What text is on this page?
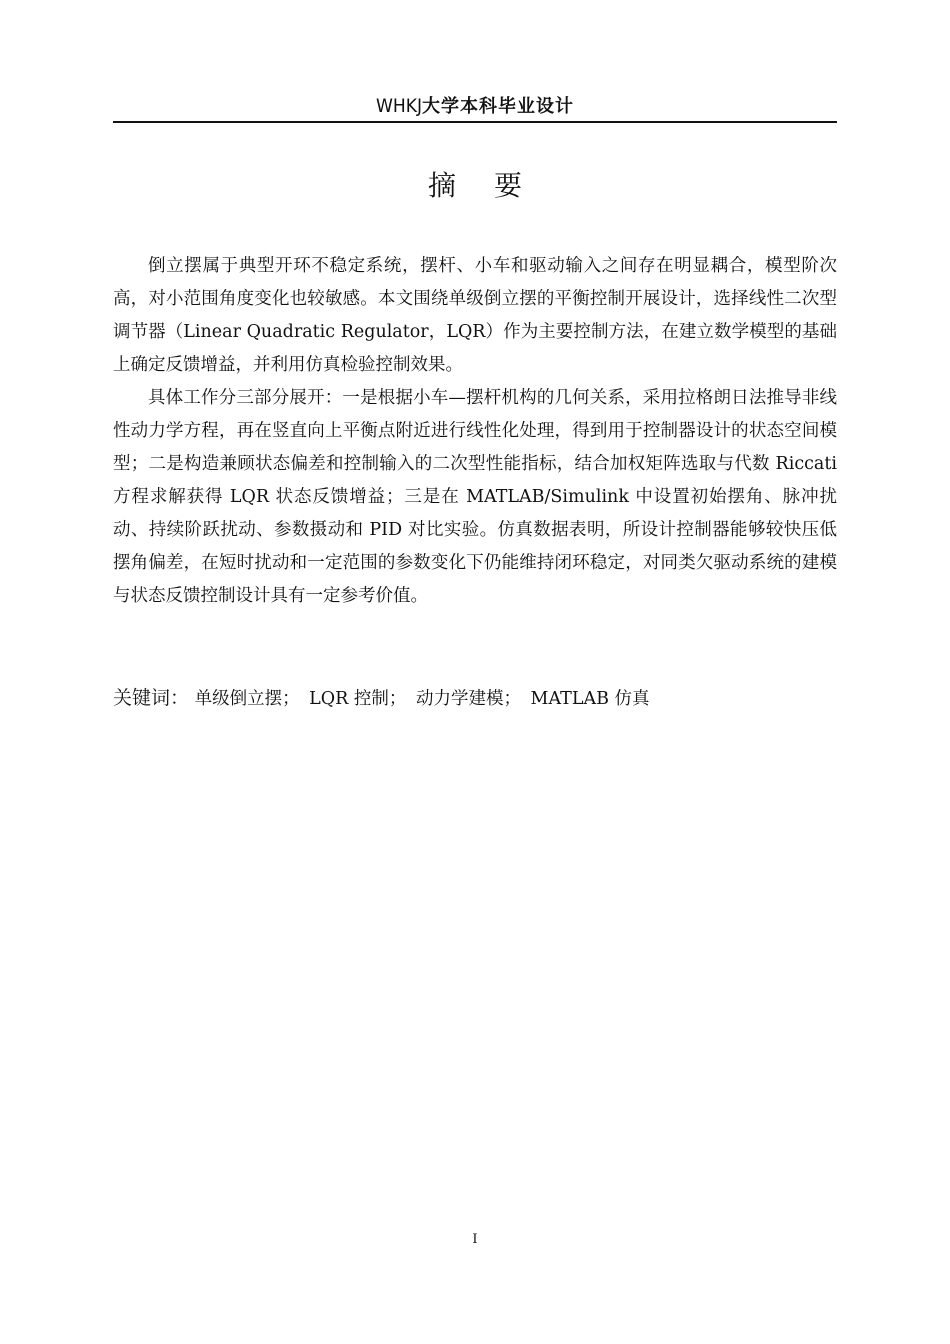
WHKJ大学本科毕业设计
摘要

倒立摆属于典型开环不稳定系统，摆杆、小车和驱动输入之间存在明显耦合，模型阶次高，对小范围角度变化也较敏感。本文围绕单级倒立摆的平衡控制开展设计，选择线性二次型调节器（Linear Quadratic Regulator，LQR）作为主要控制方法，在建立数学模型的基础上确定反馈增益，并利用仿真检验控制效果。

具体工作分三部分展开：一是根据小车—摆杆机构的几何关系，采用拉格朗日法推导非线性动力学方程，再在竖直向上平衡点附近进行线性化处理，得到用于控制器设计的状态空间模型；二是构造兼顾状态偏差和控制输入的二次型性能指标，结合加权矩阵选取与代数 Riccati 方程求解获得 LQR 状态反馈增益；三是在 MATLAB/Simulink 中设置初始摆角、脉冲扰动、持续阶跃扰动、参数摄动和 PID 对比实验。仿真数据表明，所设计控制器能够较快压低摆角偏差，在短时扰动和一定范围的参数变化下仍能维持闭环稳定，对同类欠驱动系统的建模与状态反馈控制设计具有一定参考价值。

关键词： 单级倒立摆； LQR 控制； 动力学建模； MATLAB 仿真
I
